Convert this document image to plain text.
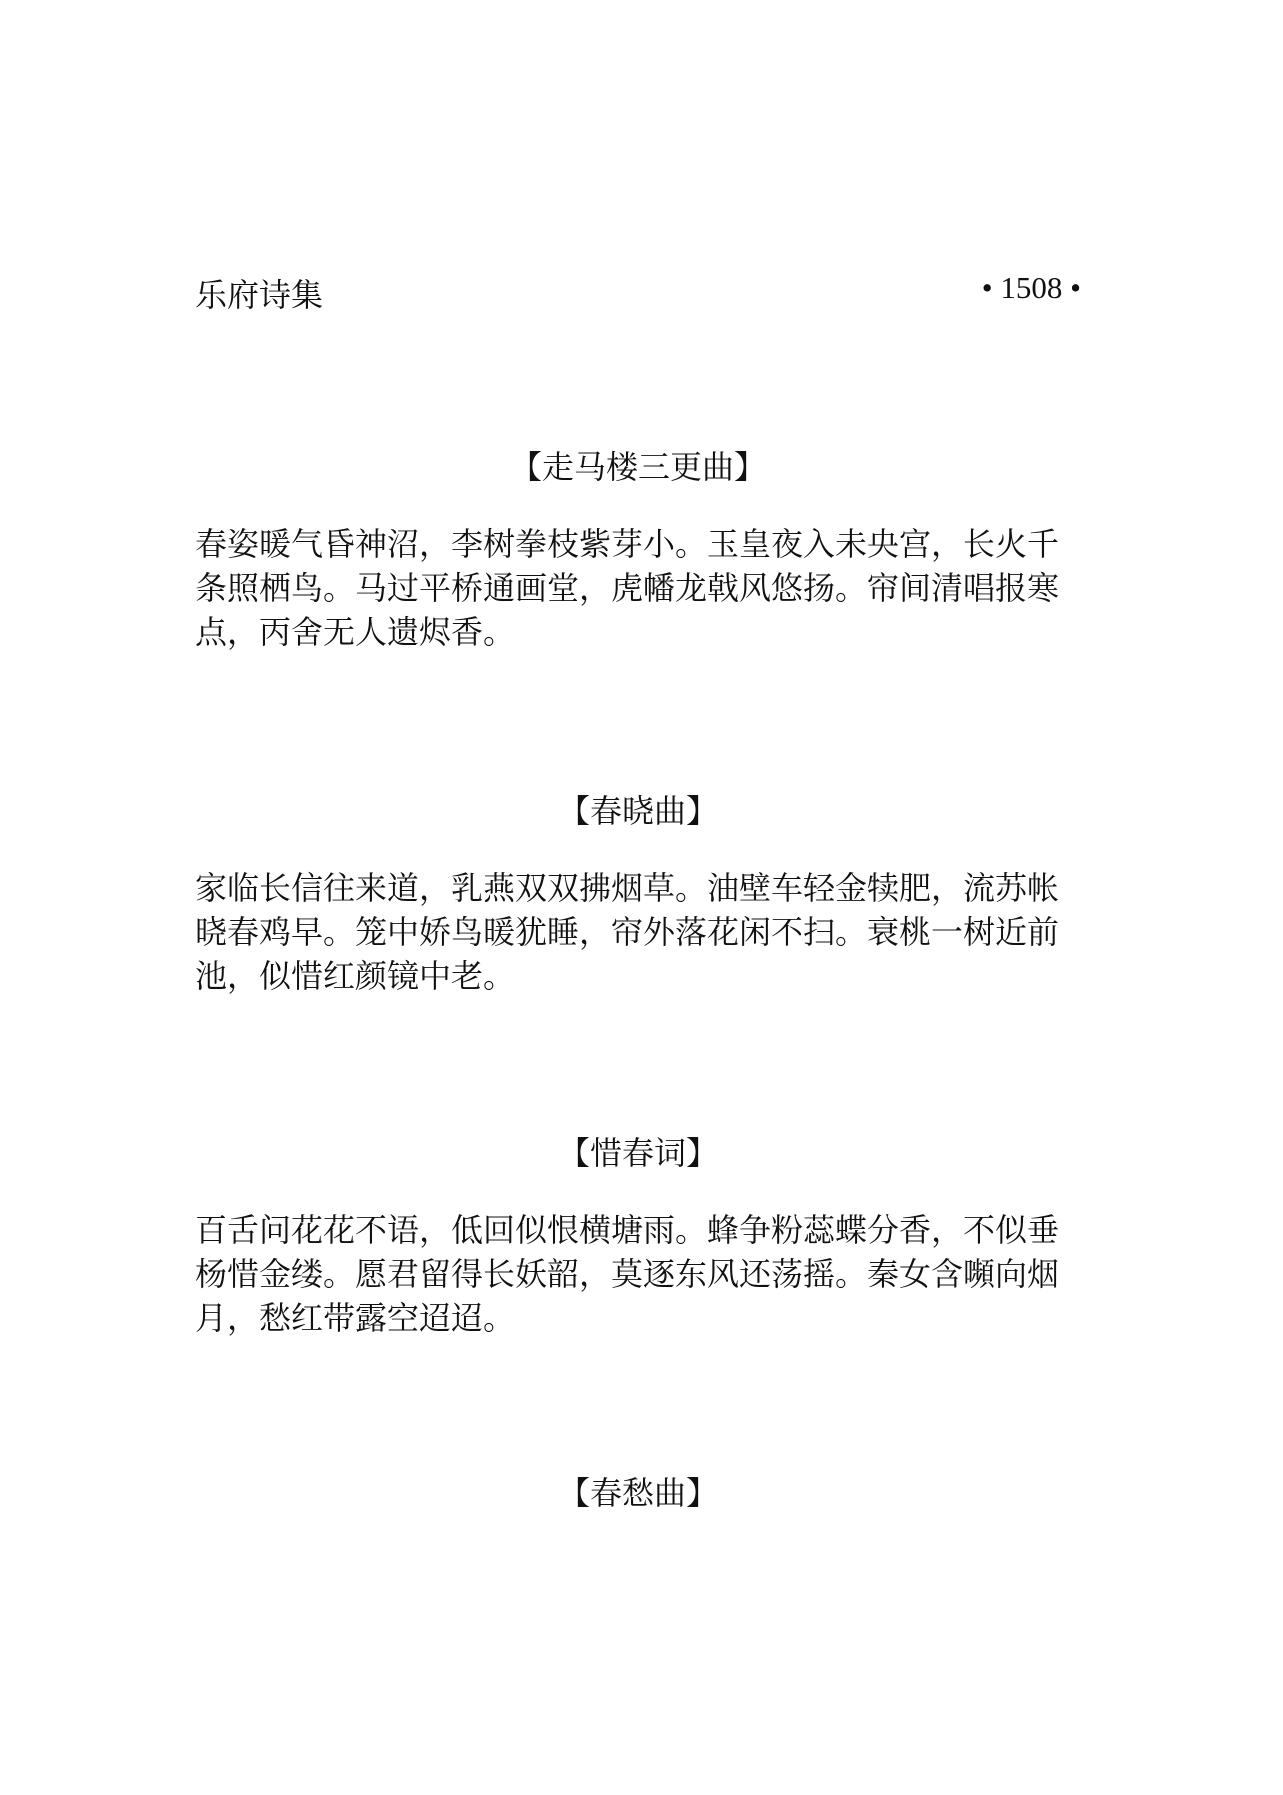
乐府诗集	• 1508 •
【走马楼三更曲】

春姿暖气昏神沼，李树拳枝紫芽小。玉皇夜入未央宫，长火千条照栖鸟。马过平桥通画堂，虎幡龙戟风悠扬。帘间清唱报寒点，丙舍无人遗烬香。

【春晓曲】

家临长信往来道，乳燕双双拂烟草。油壁车轻金犊肥，流苏帐晓春鸡早。笼中娇鸟暖犹睡，帘外落花闲不扫。衰桃一树近前池，似惜红颜镜中老。

【惜春词】

百舌问花花不语，低回似恨横塘雨。蜂争粉蕊蝶分香，不似垂杨惜金缕。愿君留得长妖韶，莫逐东风还荡摇。秦女含嚬向烟月，愁红带露空迢迢。

【春愁曲】
